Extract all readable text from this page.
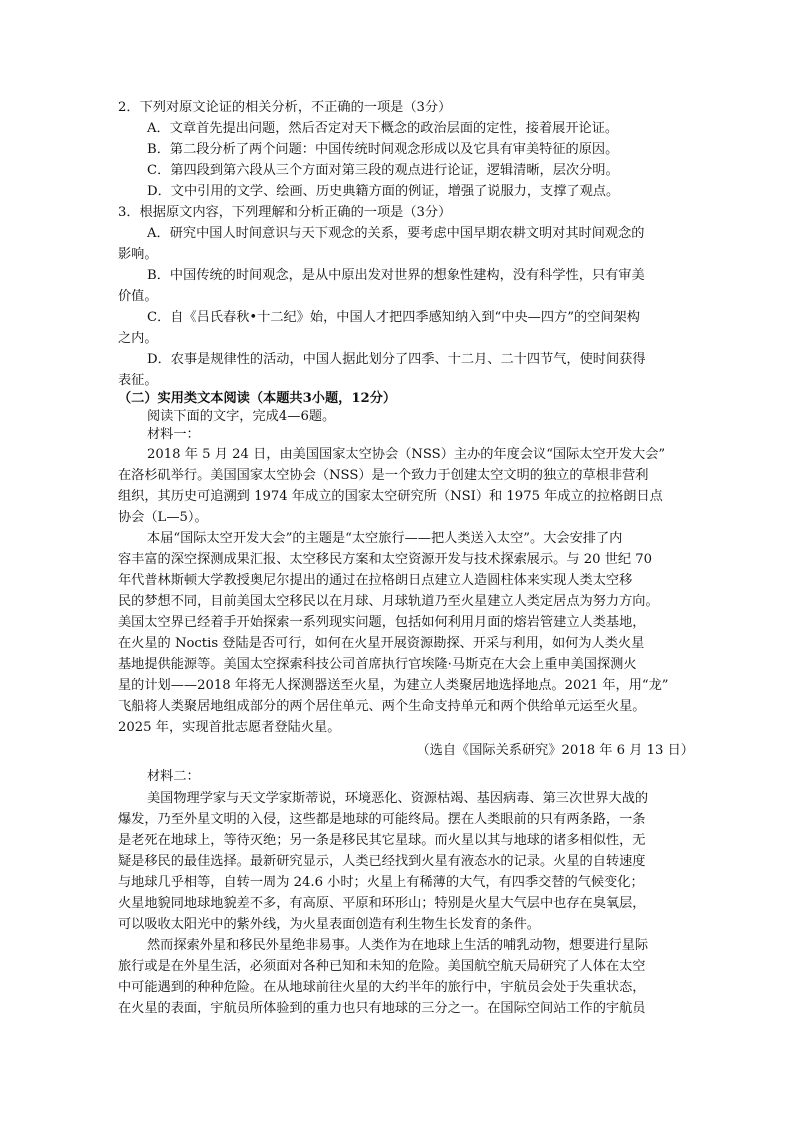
2．下列对原文论证的相关分析，不正确的一项是（3分）
A．文章首先提出问题，然后否定对天下概念的政治层面的定性，接着展开论证。
B．第二段分析了两个问题：中国传统时间观念形成以及它具有审美特征的原因。
C．第四段到第六段从三个方面对第三段的观点进行论证，逻辑清晰，层次分明。
D．文中引用的文学、绘画、历史典籍方面的例证，增强了说服力，支撑了观点。
3．根据原文内容，下列理解和分析正确的一项是（3分）
A．研究中国人时间意识与天下观念的关系，要考虑中国早期农耕文明对其时间观念的
影响。
B．中国传统的时间观念，是从中原出发对世界的想象性建构，没有科学性，只有审美
价值。
C．自《吕氏春秋•十二纪》始，中国人才把四季感知纳入到“中央—四方”的空间架构
之内。
D．农事是规律性的活动，中国人据此划分了四季、十二月、二十四节气，使时间获得
表征。
（二）实用类文本阅读（本题共3小题，12分）
阅读下面的文字，完成4—6题。
材料一：
2018 年 5 月 24 日，由美国国家太空协会（NSS）主办的年度会议“国际太空开发大会”
在洛杉矶举行。美国国家太空协会（NSS）是一个致力于创建太空文明的独立的草根非营利
组织，其历史可追溯到 1974 年成立的国家太空研究所（NSI）和 1975 年成立的拉格朗日点
协会（L—5）。
本届“国际太空开发大会”的主题是“太空旅行——把人类送入太空”。大会安排了内
容丰富的深空探测成果汇报、太空移民方案和太空资源开发与技术探索展示。与 20 世纪 70
年代普林斯顿大学教授奥尼尔提出的通过在拉格朗日点建立人造圆柱体来实现人类太空移
民的梦想不同，目前美国太空移民以在月球、月球轨道乃至火星建立人类定居点为努力方向。
美国太空界已经着手开始探索一系列现实问题，包括如何利用月面的熔岩管建立人类基地，
在火星的 Noctis 登陆是否可行，如何在火星开展资源勘探、开采与利用，如何为人类火星
基地提供能源等。美国太空探索科技公司首席执行官埃隆·马斯克在大会上重申美国探测火
星的计划——2018 年将无人探测器送至火星，为建立人类聚居地选择地点。2021 年，用“龙”
飞船将人类聚居地组成部分的两个居住单元、两个生命支持单元和两个供给单元运至火星。
2025 年，实现首批志愿者登陆火星。
（选自《国际关系研究》2018 年 6 月 13 日）
材料二：
美国物理学家与天文学家斯蒂说，环境恶化、资源枯竭、基因病毒、第三次世界大战的
爆发，乃至外星文明的入侵，这些都是地球的可能终局。摆在人类眼前的只有两条路，一条
是老死在地球上，等待灭绝；另一条是移民其它星球。而火星以其与地球的诸多相似性，无
疑是移民的最佳选择。最新研究显示，人类已经找到火星有液态水的记录。火星的自转速度
与地球几乎相等，自转一周为 24.6 小时；火星上有稀薄的大气，有四季交替的气候变化；
火星地貌同地球地貌差不多，有高原、平原和环形山；特别是火星大气层中也存在臭氧层，
可以吸收太阳光中的紫外线，为火星表面创造有利生物生长发育的条件。
然而探索外星和移民外星绝非易事。人类作为在地球上生活的哺乳动物，想要进行星际
旅行或是在外星生活，必须面对各种已知和未知的危险。美国航空航天局研究了人体在太空
中可能遇到的种种危险。在从地球前往火星的大约半年的旅行中，宇航员会处于失重状态，
在火星的表面，宇航员所体验到的重力也只有地球的三分之一。在国际空间站工作的宇航员
